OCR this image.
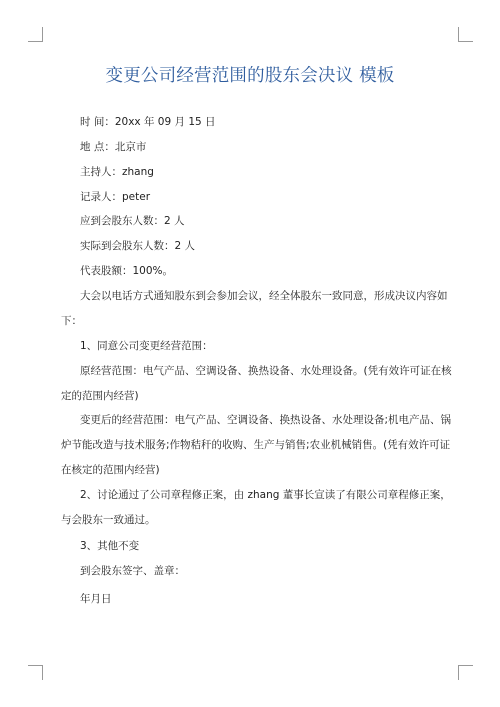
变更公司经营范围的股东会决议 模板
时 间：20xx 年 09 月 15 日
地 点：北京市
主持人：zhang
记录人：peter
应到会股东人数：2 人
实际到会股东人数：2 人
代表股额：100%。
大会以电话方式通知股东到会参加会议，经全体股东一致同意，形成决议内容如
下：
1、同意公司变更经营范围：
原经营范围：电气产品、空调设备、换热设备、水处理设备。(凭有效许可证在核
定的范围内经营)
变更后的经营范围：电气产品、空调设备、换热设备、水处理设备;机电产品、锅
炉节能改造与技术服务;作物秸秆的收购、生产与销售;农业机械销售。(凭有效许可证
在核定的范围内经营)
2、讨论通过了公司章程修正案，由 zhang 董事长宣读了有限公司章程修正案，
与会股东一致通过。
3、其他不变
到会股东签字、盖章：
年月日
